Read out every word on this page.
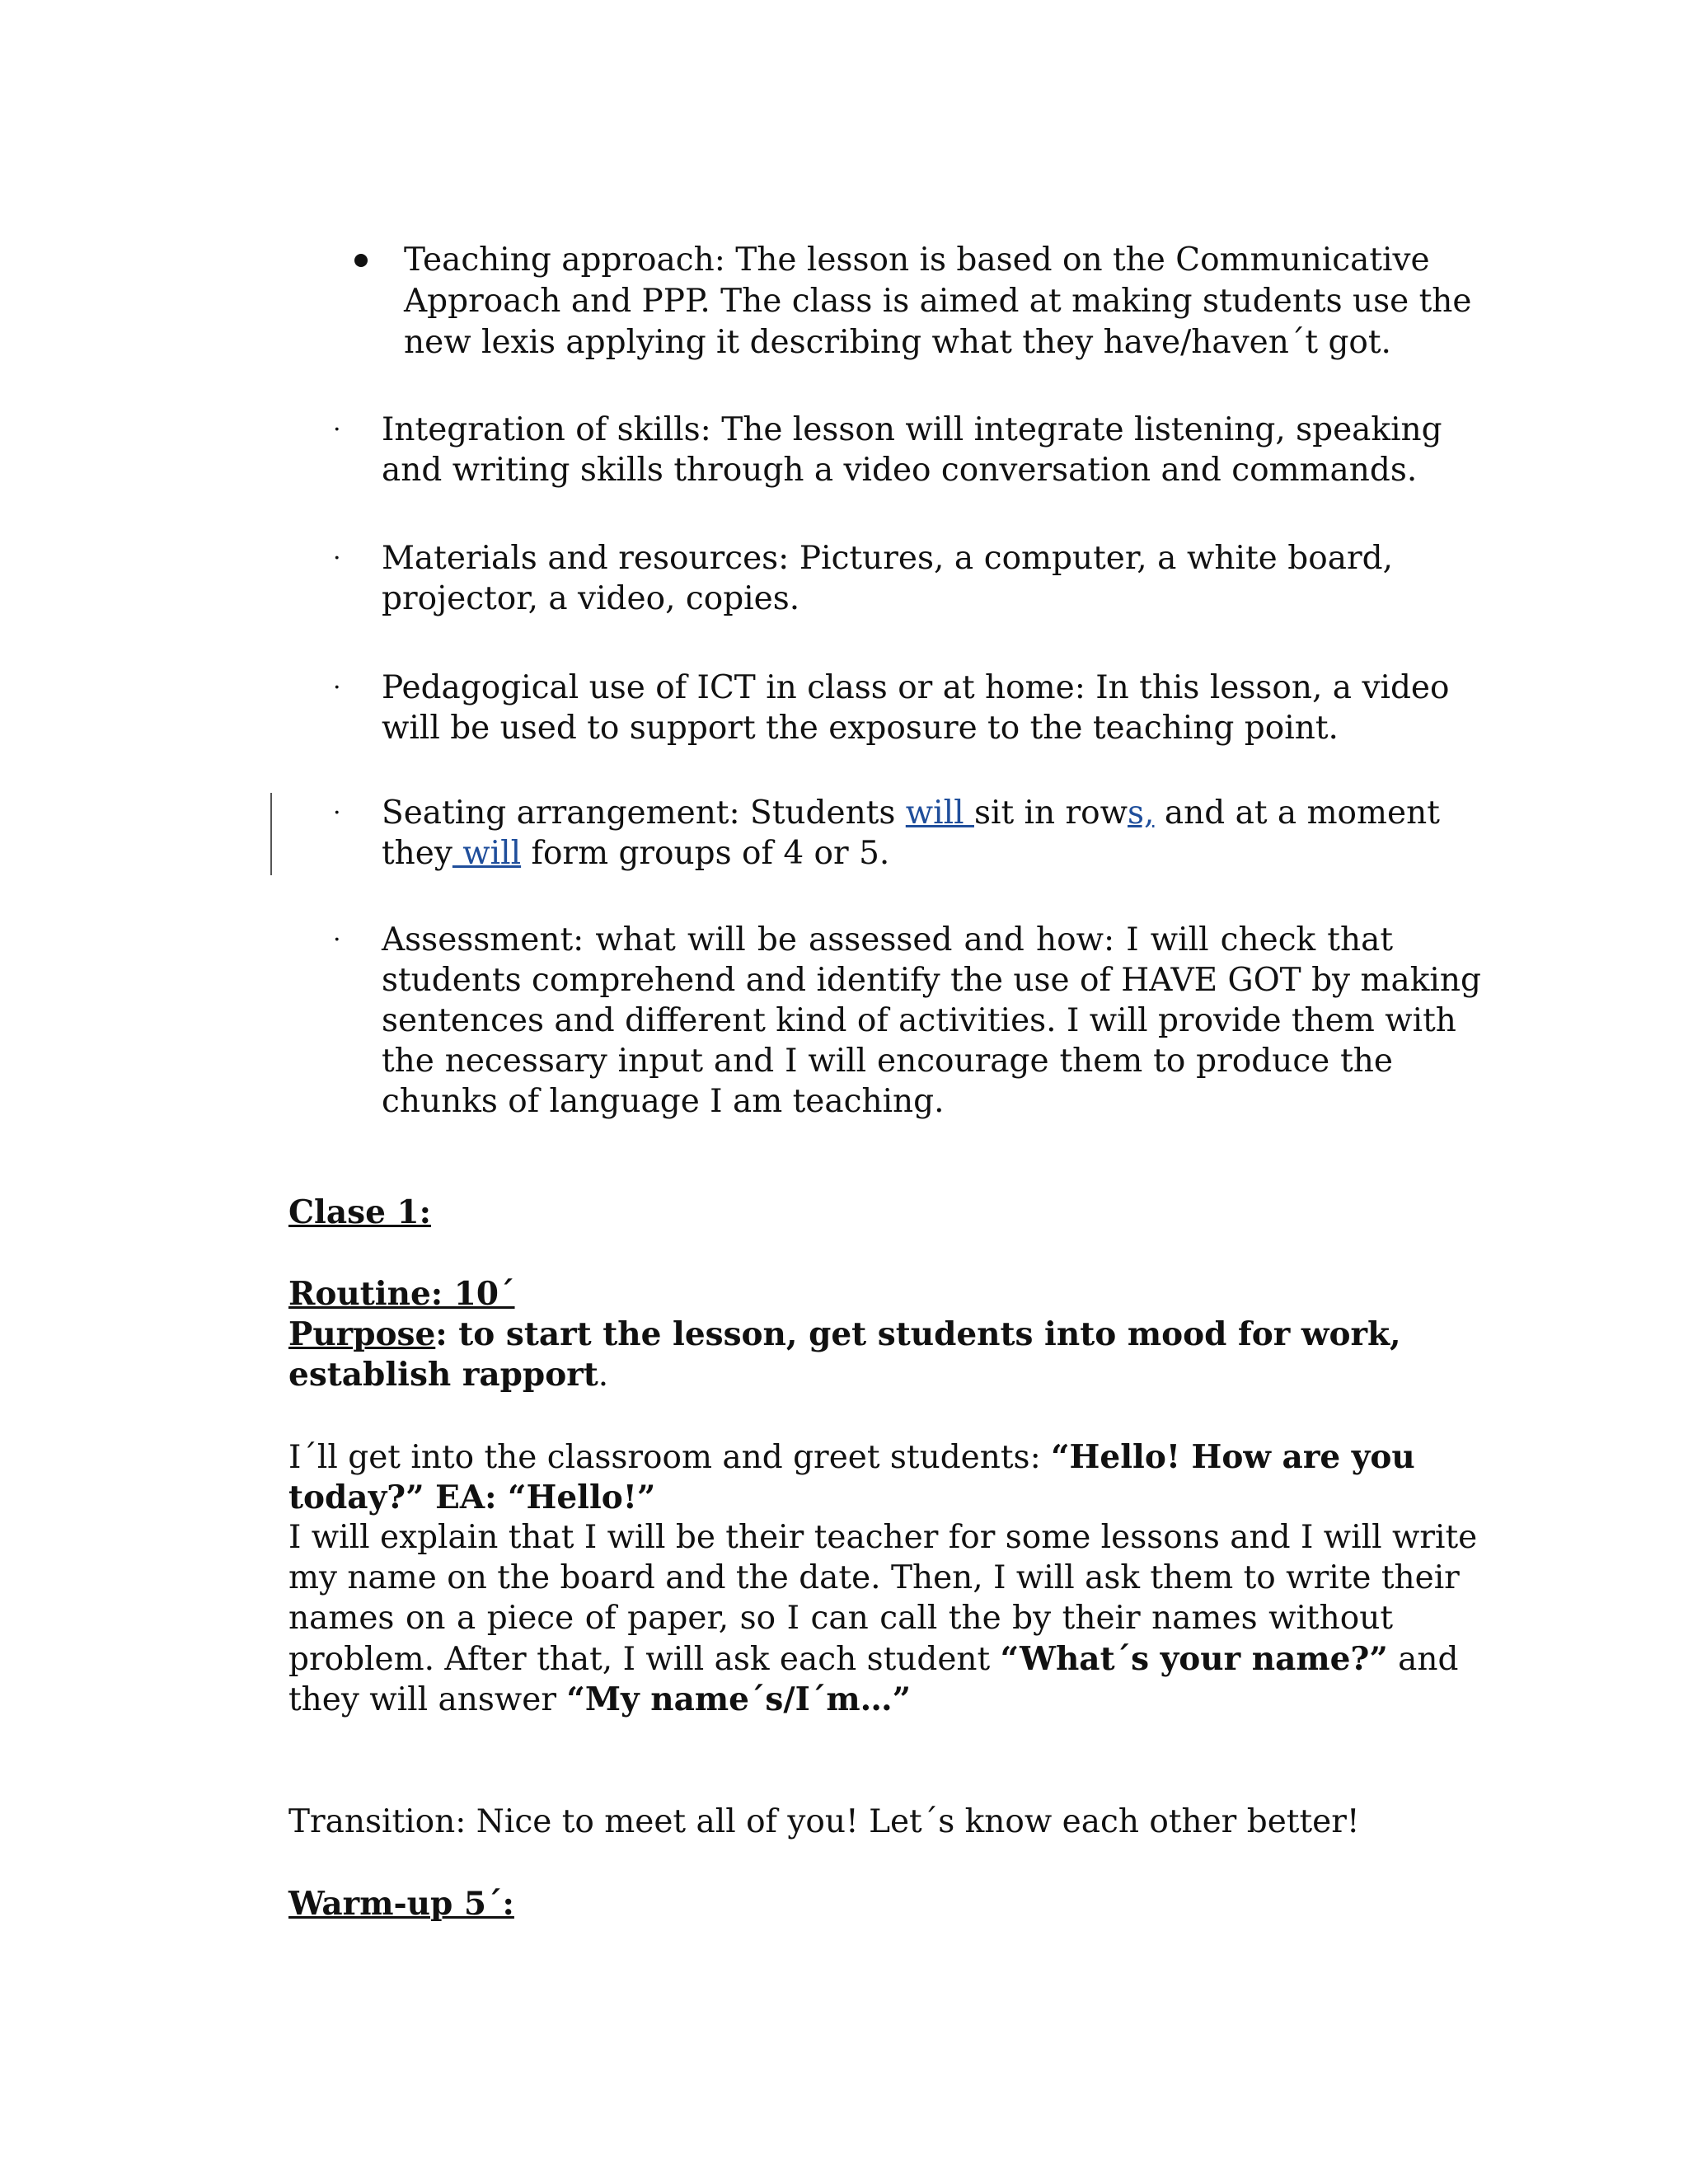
Teaching approach: The lesson is based on the Communicative
Approach and PPP. The class is aimed at making students use the
new lexis applying it describing what they have/haven´t got.
· Integration of skills: The lesson will integrate listening, speaking
and writing skills through a video conversation and commands.
· Materials and resources: Pictures, a computer, a white board,
projector, a video, copies.
· Pedagogical use of ICT in class or at home: In this lesson, a video
will be used to support the exposure to the teaching point.
· Seating arrangement: Students will sit in rows, and at a moment
they will form groups of 4 or 5.
· Assessment: what will be assessed and how: I will check that
students comprehend and identify the use of HAVE GOT by making
sentences and different kind of activities. I will provide them with
the necessary input and I will encourage them to produce the
chunks of language I am teaching.
Clase 1:
Routine: 10´
Purpose: to start the lesson, get students into mood for work,
establish rapport.
I´ll get into the classroom and greet students: “Hello! How are you
today?” EA: “Hello!”
I will explain that I will be their teacher for some lessons and I will write
my name on the board and the date. Then, I will ask them to write their
names on a piece of paper, so I can call the by their names without
problem. After that, I will ask each student “What´s your name?” and
they will answer “My name´s/I´m…”
Transition: Nice to meet all of you! Let´s know each other better!
Warm-up 5´:
